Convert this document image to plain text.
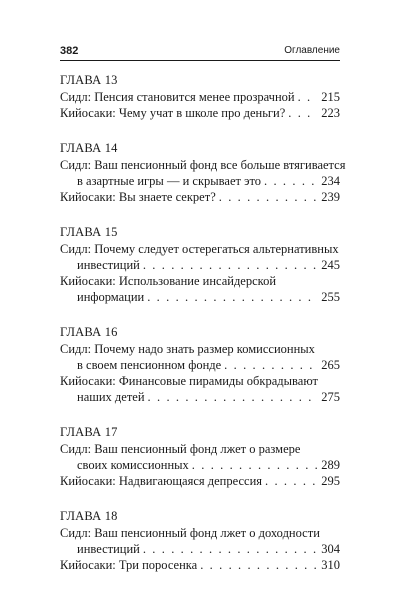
382	Оглавление
ГЛАВА 13
Сидл: Пенсия становится менее прозрачной . . . 215
Кийосаки: Чему учат в школе про деньги? . . .	223
ГЛАВА 14
Сидл: Ваш пенсионный фонд все больше втягивается
в азартные игры — и скрывает это . . .	234
Кийосаки: Вы знаете секрет? . . .	239
ГЛАВА 15
Сидл: Почему следует остерегаться альтернативных
инвестиций . . .	245
Кийосаки: Использование инсайдерской
информации . . .	255
ГЛАВА 16
Сидл: Почему надо знать размер комиссионных
в своем пенсионном фонде . . .	265
Кийосаки: Финансовые пирамиды обкрадывают
наших детей . . .	275
ГЛАВА 17
Сидл: Ваш пенсионный фонд лжет о размере
своих комиссионных . . .	289
Кийосаки: Надвигающаяся депрессия . . .	295
ГЛАВА 18
Сидл: Ваш пенсионный фонд лжет о доходности
инвестиций . . .	304
Кийосаки: Три поросенка . . .	310
